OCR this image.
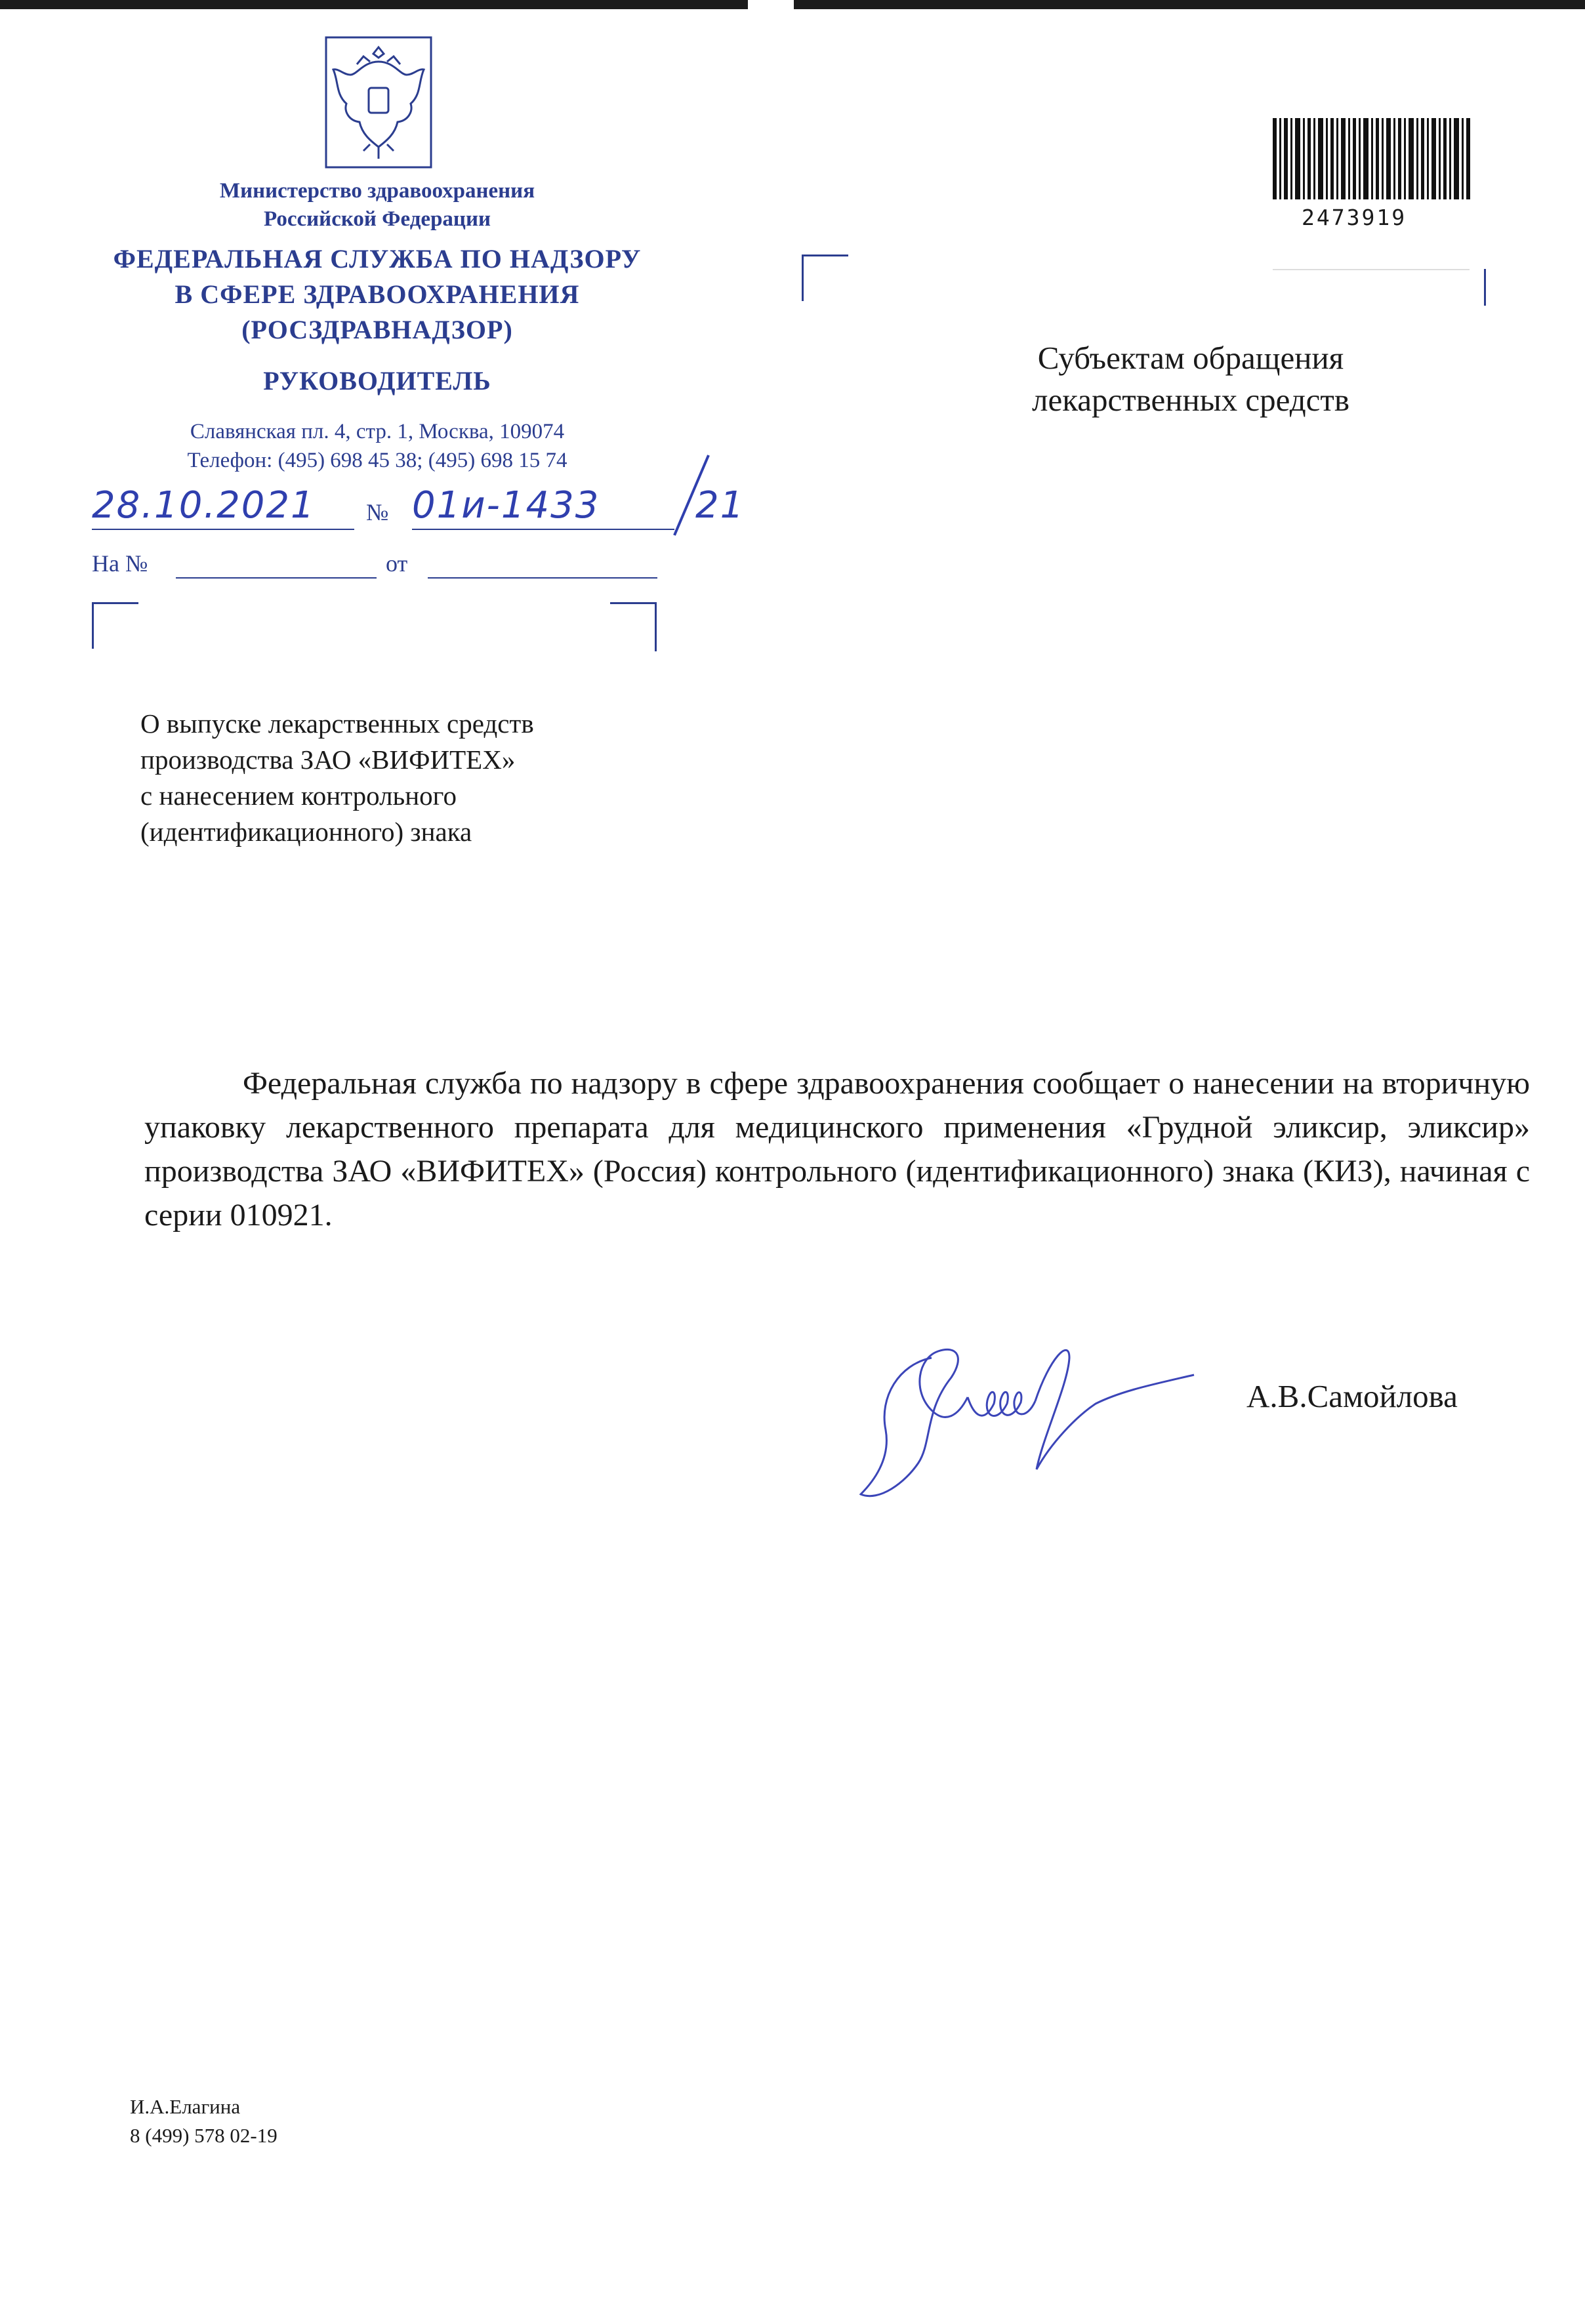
Министерство здравоохранения
Российской Федерации
ФЕДЕРАЛЬНАЯ СЛУЖБА ПО НАДЗОРУ
В СФЕРЕ ЗДРАВООХРАНЕНИЯ
(РОСЗДРАВНАДЗОР)
РУКОВОДИТЕЛЬ
Славянская пл. 4, стр. 1, Москва, 109074
Телефон: (495) 698 45 38; (495) 698 15 74
28.10.2021 № 01и-1433	21
На №	от
2473919
Субъектам обращения
лекарственных средств
О выпуске лекарственных средств
производства ЗАО «ВИФИТЕХ»
с нанесением контрольного
(идентификационного) знака

Федеральная служба по надзору в сфере здравоохранения сообщает о нанесении на вторичную упаковку лекарственного препарата для медицинского применения «Грудной эликсир, эликсир» производства ЗАО «ВИФИТЕХ» (Россия) контрольного (идентификационного) знака (КИЗ), начиная с серии 010921.

А.В.Самойлова
И.А.Елагина
8 (499) 578 02-19
